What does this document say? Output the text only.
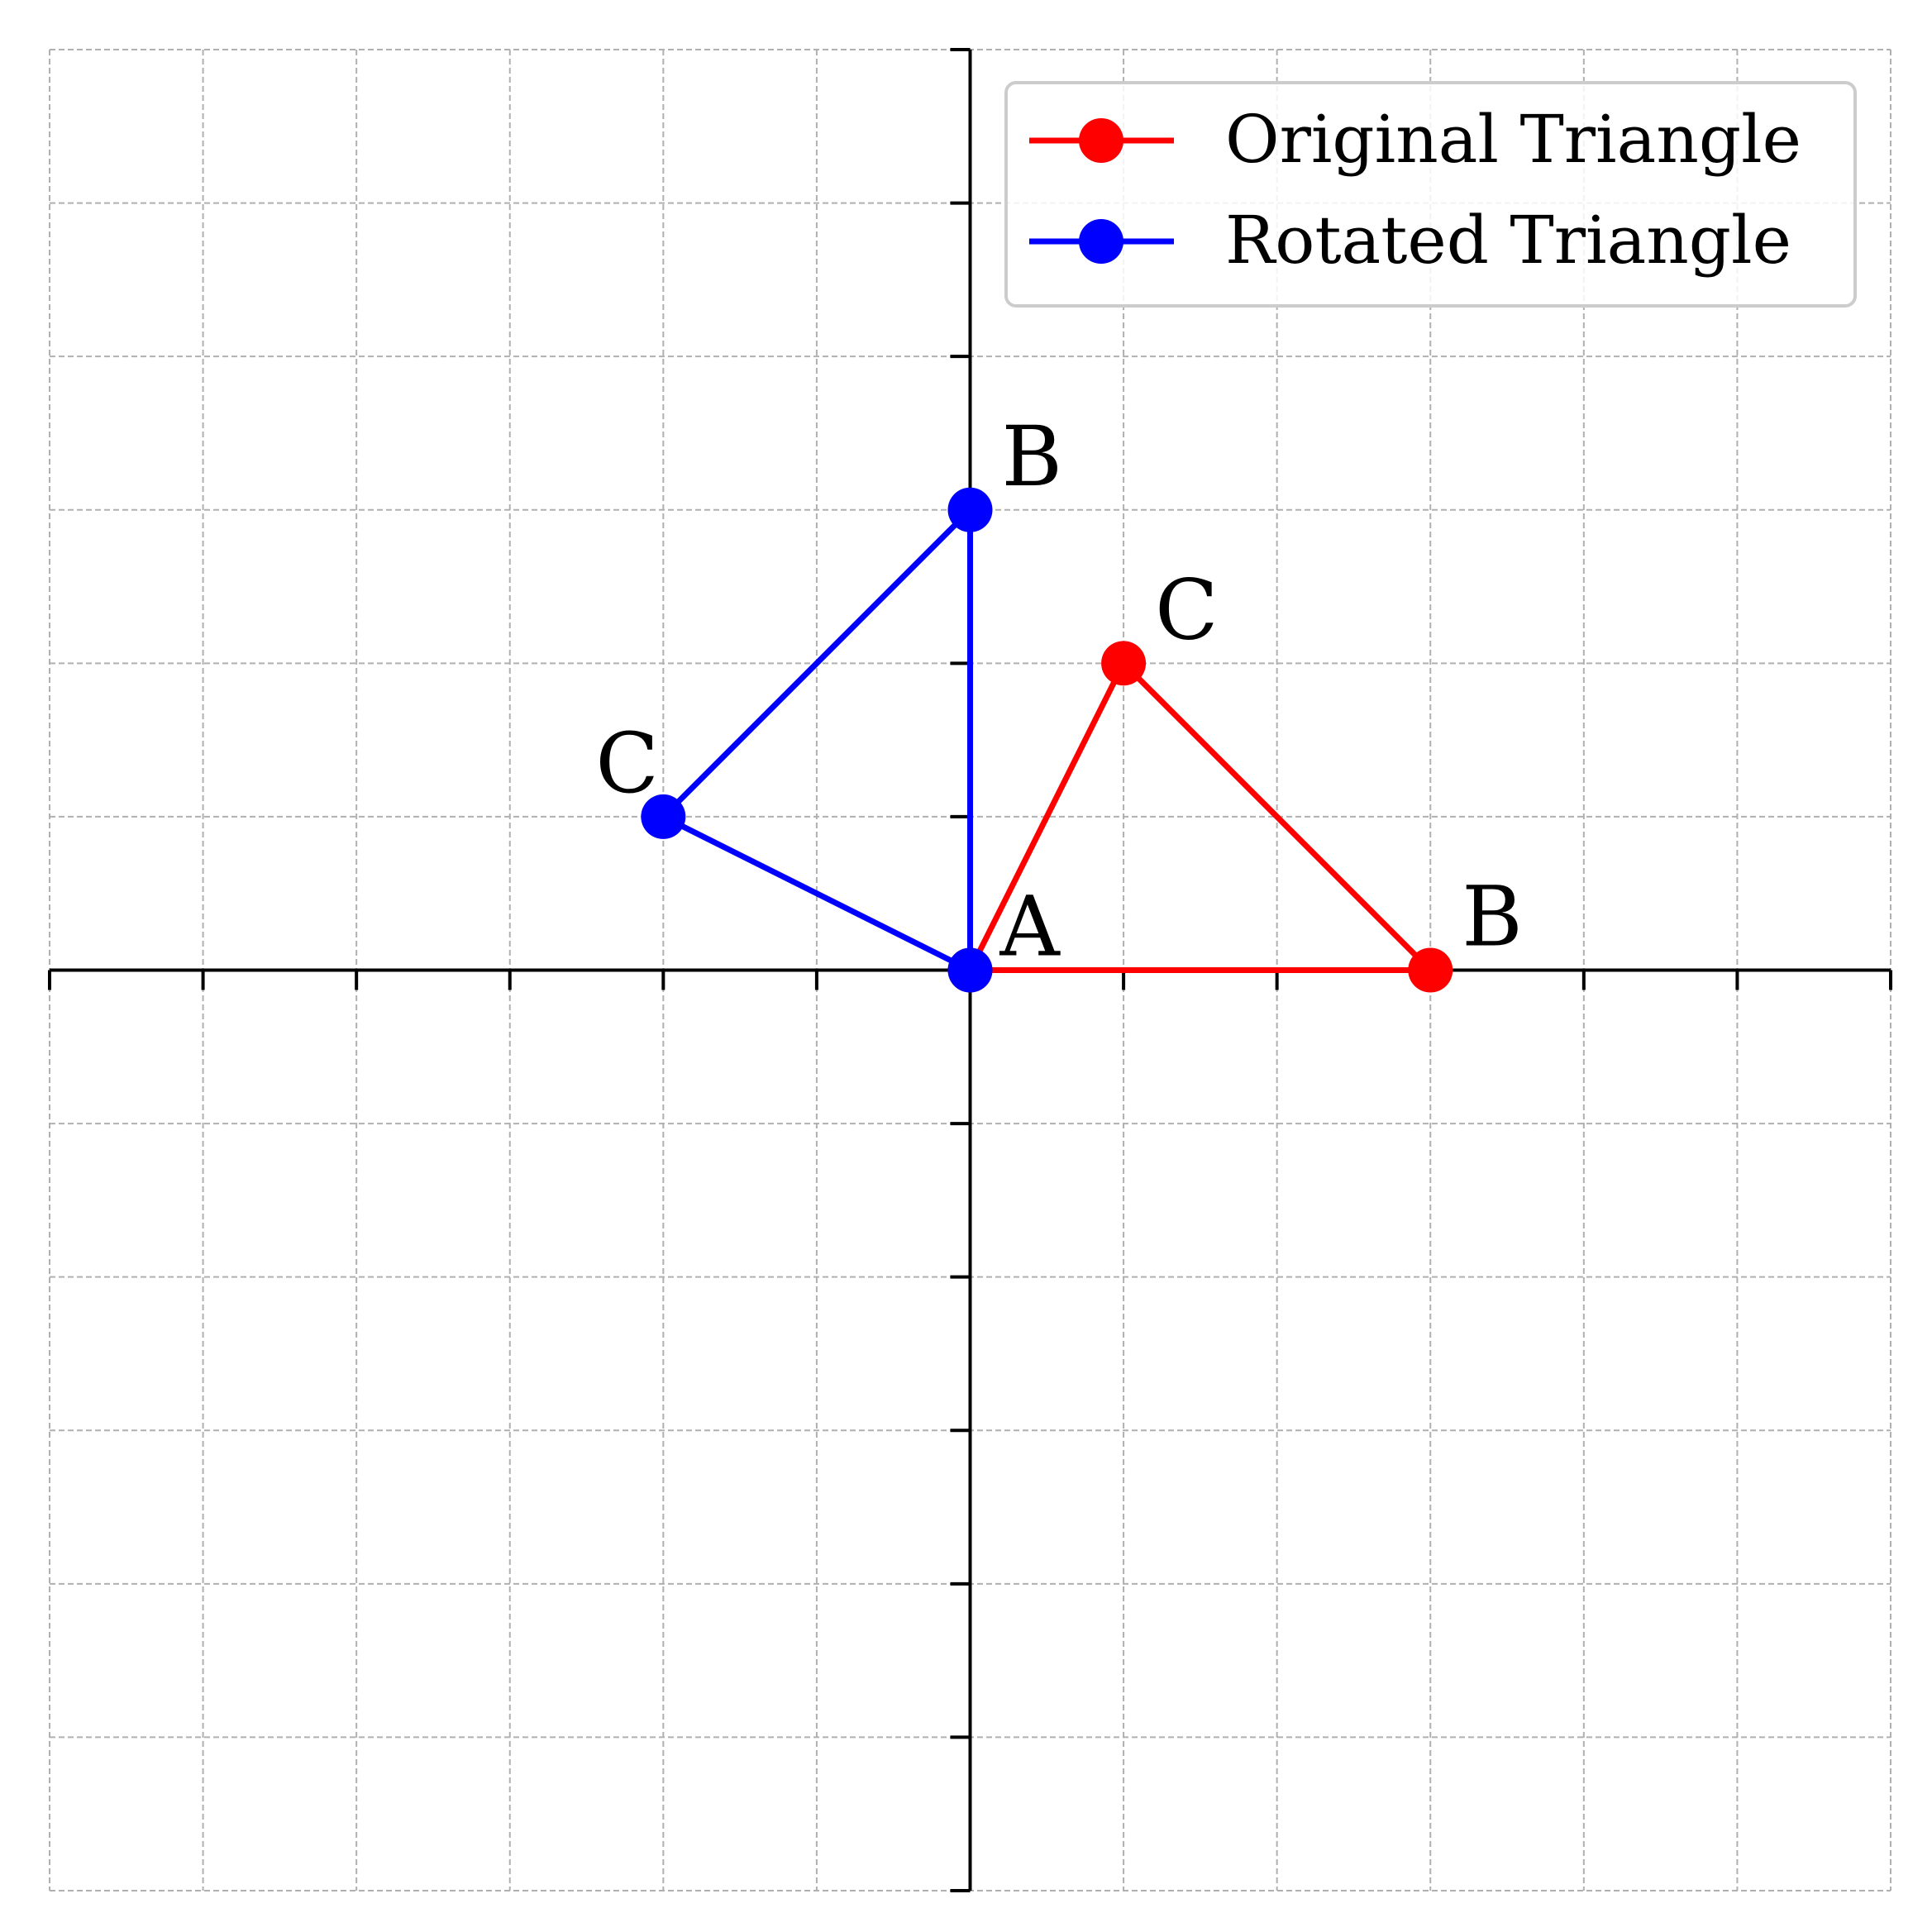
B
C
A
B
C
Original Triangle
Rotated Triangle
